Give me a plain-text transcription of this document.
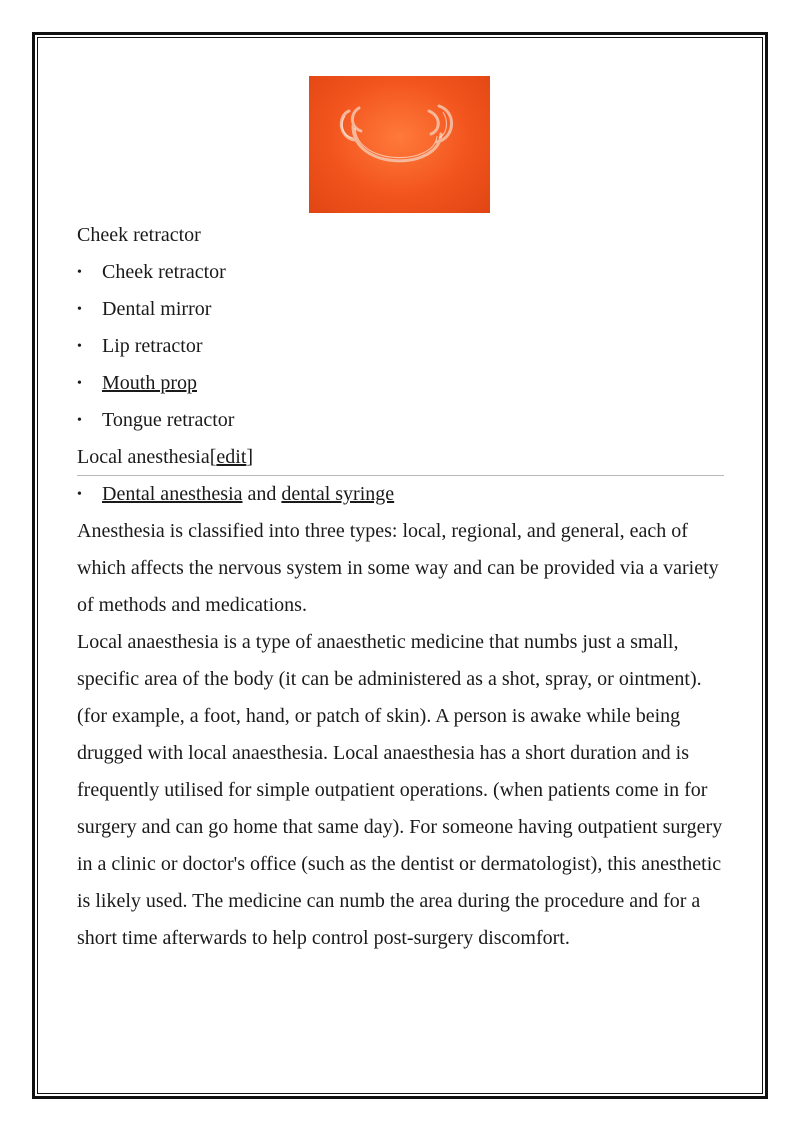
Cheek retractor
• Cheek retractor
• Dental mirror
• Lip retractor
• Mouth prop
• Tongue retractor
Local anesthesia[edit]
• Dental anesthesia and dental syringe

Anesthesia is classified into three types: local, regional, and general, each of which affects the nervous system in some way and can be provided via a variety of methods and medications.

Local anaesthesia is a type of anaesthetic medicine that numbs just a small, specific area of the body (it can be administered as a shot, spray, or ointment). (for example, a foot, hand, or patch of skin). A person is awake while being drugged with local anaesthesia. Local anaesthesia has a short duration and is frequently utilised for simple outpatient operations. (when patients come in for surgery and can go home that same day). For someone having outpatient surgery in a clinic or doctor's office (such as the dentist or dermatologist), this anesthetic is likely used. The medicine can numb the area during the procedure and for a short time afterwards to help control post-surgery discomfort.
